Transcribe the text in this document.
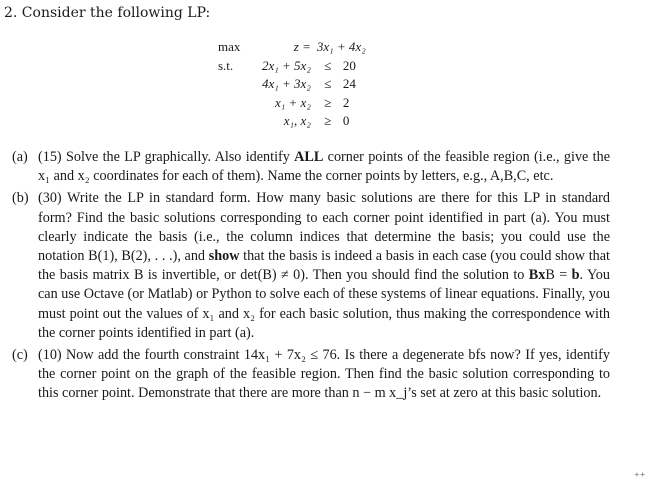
2. Consider the following LP:
max	z =	3x₁ + 4x₂	
s.t.	2x₁ + 5x₂	≤	20
	4x₁ + 3x₂	≤	24
	x₁ + x₂	≥	2
	x₁, x₂	≥	0
(a) (15) Solve the LP graphically. Also identify ALL corner points of the feasible region (i.e., give the x₁ and x₂ coordinates for each of them). Name the corner points by letters, e.g., A,B,C, etc.
(b) (30) Write the LP in standard form. How many basic solutions are there for this LP in standard form? Find the basic solutions corresponding to each corner point identified in part (a). You must clearly indicate the basis (i.e., the column indices that determine the basis; you could use the notation B(1), B(2), . . .), and show that the basis is indeed a basis in each case (you could show that the basis matrix B is invertible, or det(B) ≠ 0). Then you should find the solution to BxB = b. You can use Octave (or Matlab) or Python to solve each of these systems of linear equations. Finally, you must point out the values of x₁ and x₂ for each basic solution, thus making the correspondence with the corner points identified in part (a).
(c) (10) Now add the fourth constraint 14x₁ + 7x₂ ≤ 76. Is there a degenerate bfs now? If yes, identify the corner point on the graph of the feasible region. Then find the basic solution corresponding to this corner point. Demonstrate that there are more than n − m x_j’s set at zero at this basic solution.
⁺⁺
